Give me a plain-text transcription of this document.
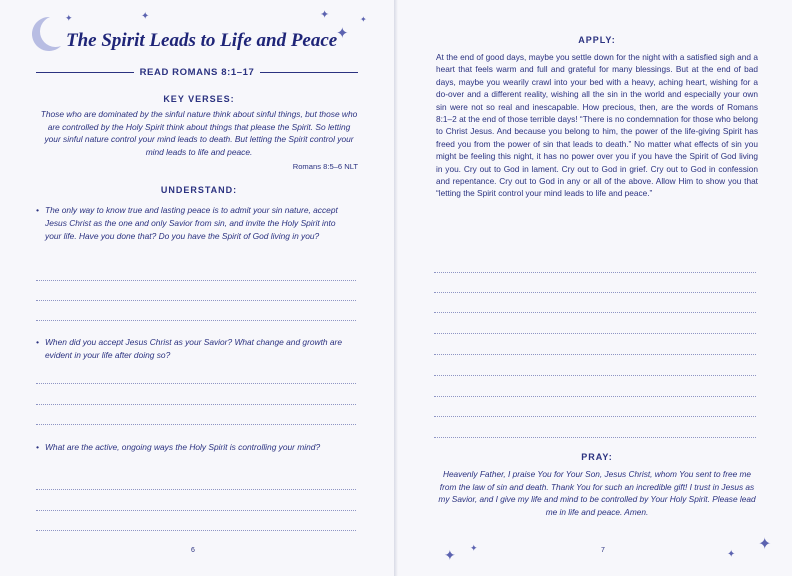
✦	✦	✦
✦
✦
The Spirit Leads to Life and Peace
READ ROMANS 8:1–17
KEY VERSES:
Those who are dominated by the sinful nature think about sinful things, but those who are controlled by the Holy Spirit think about things that please the Spirit. So letting your sinful nature control your mind leads to death. But letting the Spirit control your mind leads to life and peace.
Romans 8:5–6 NLT
UNDERSTAND:
• The only way to know true and lasting peace is to admit your sin nature, accept Jesus Christ as the one and only Savior from sin, and invite the Holy Spirit into your life. Have you done that? Do you have the Spirit of God living in you?
• When did you accept Jesus Christ as your Savior? What change and growth are evident in your life after doing so?
• What are the active, ongoing ways the Holy Spirit is controlling your mind?
6
APPLY:
At the end of good days, maybe you settle down for the night with a satisfied sigh and a heart that feels warm and full and grateful for many blessings. But at the end of bad days, maybe you wearily crawl into your bed with a heavy, aching heart, wishing for a do-over and a different reality, wishing all the sin in the world and especially your own sin were not so real and inescapable. How precious, then, are the words of Romans 8:1–2 at the end of those terrible days! “There is no condemnation for those who belong to Christ Jesus. And because you belong to him, the power of the life-giving Spirit has freed you from the power of sin that leads to death.” No matter what effects of sin you might be feeling this night, it has no power over you if you have the Spirit of God living in you. Cry out to God in lament. Cry out to God in grief. Cry out to God in confession and repentance. Cry out to God in any or all of the above. Allow Him to show you that “letting the Spirit control your mind leads to life and peace.”
PRAY:
Heavenly Father, I praise You for Your Son, Jesus Christ, whom You sent to free me from the law of sin and death. Thank You for such an incredible gift! I trust in Jesus as my Savior, and I give my life and mind to be controlled by Your Holy Spirit. Please lead me in life and peace. Amen.
7
✦ ✦
✦
✦
